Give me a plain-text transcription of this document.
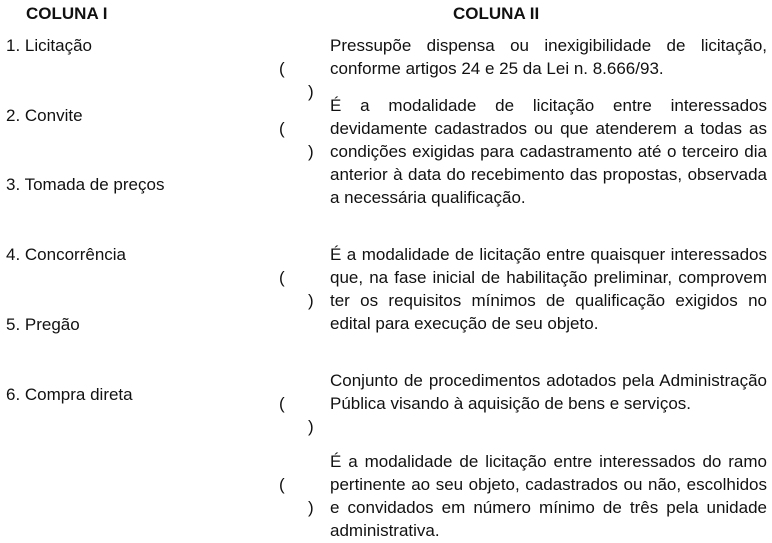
COLUNA I	COLUNA II
1. Licitação
2. Convite
3. Tomada de preços
4. Concorrência
5. Pregão
6. Compra direta

(

)

Pressupõe dispensa ou inexigibilidade de licitação, conforme artigos 24 e 25 da Lei n. 8.666/93.

(

)

É a modalidade de licitação entre interessados devidamente cadastrados ou que atenderem a todas as condições exigidas para cadastramento até o terceiro dia anterior à data do recebimento das propostas, observada a necessária qualificação.

(

)

É a modalidade de licitação entre quaisquer interessados que, na fase inicial de habilitação preliminar, comprovem ter os requisitos mínimos de qualificação exigidos no edital para execução de seu objeto.

(

)

Conjunto de procedimentos adotados pela Administração Pública visando à aquisição de bens e serviços.

(

)

É a modalidade de licitação entre interessados do ramo pertinente ao seu objeto, cadastrados ou não, escolhidos e convidados em número mínimo de três pela unidade administrativa.
